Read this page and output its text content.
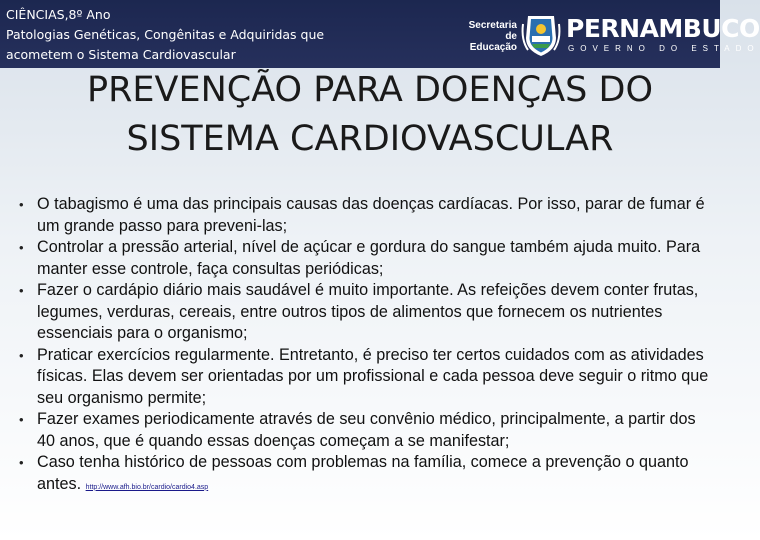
CIÊNCIAS,8º Ano
Patologias Genéticas, Congênitas e Adquiridas que
acometem o Sistema Cardiovascular
Secretaria de
Educação
PERNAMBUCO
GOVERNO DO ESTADO
PREVENÇÃO PARA DOENÇAS DO
SISTEMA CARDIOVASCULAR
• O tabagismo é uma das principais causas das doenças cardíacas. Por isso, parar de fumar é um grande passo para preveni-las;
• Controlar a pressão arterial, nível de açúcar e gordura do sangue também ajuda muito. Para manter esse controle, faça consultas periódicas;
• Fazer o cardápio diário mais saudável é muito importante. As refeições devem conter frutas, legumes, verduras, cereais, entre outros tipos de alimentos que fornecem os nutrientes essenciais para o organismo;
• Praticar exercícios regularmente. Entretanto, é preciso ter certos cuidados com as atividades físicas. Elas devem ser orientadas por um profissional e cada pessoa deve seguir o ritmo que seu organismo permite;
• Fazer exames periodicamente através de seu convênio médico, principalmente, a partir dos 40 anos, que é quando essas doenças começam a se manifestar;
• Caso tenha histórico de pessoas com problemas na família, comece a prevenção o quanto antes. http://www.afh.bio.br/cardio/cardio4.asp
